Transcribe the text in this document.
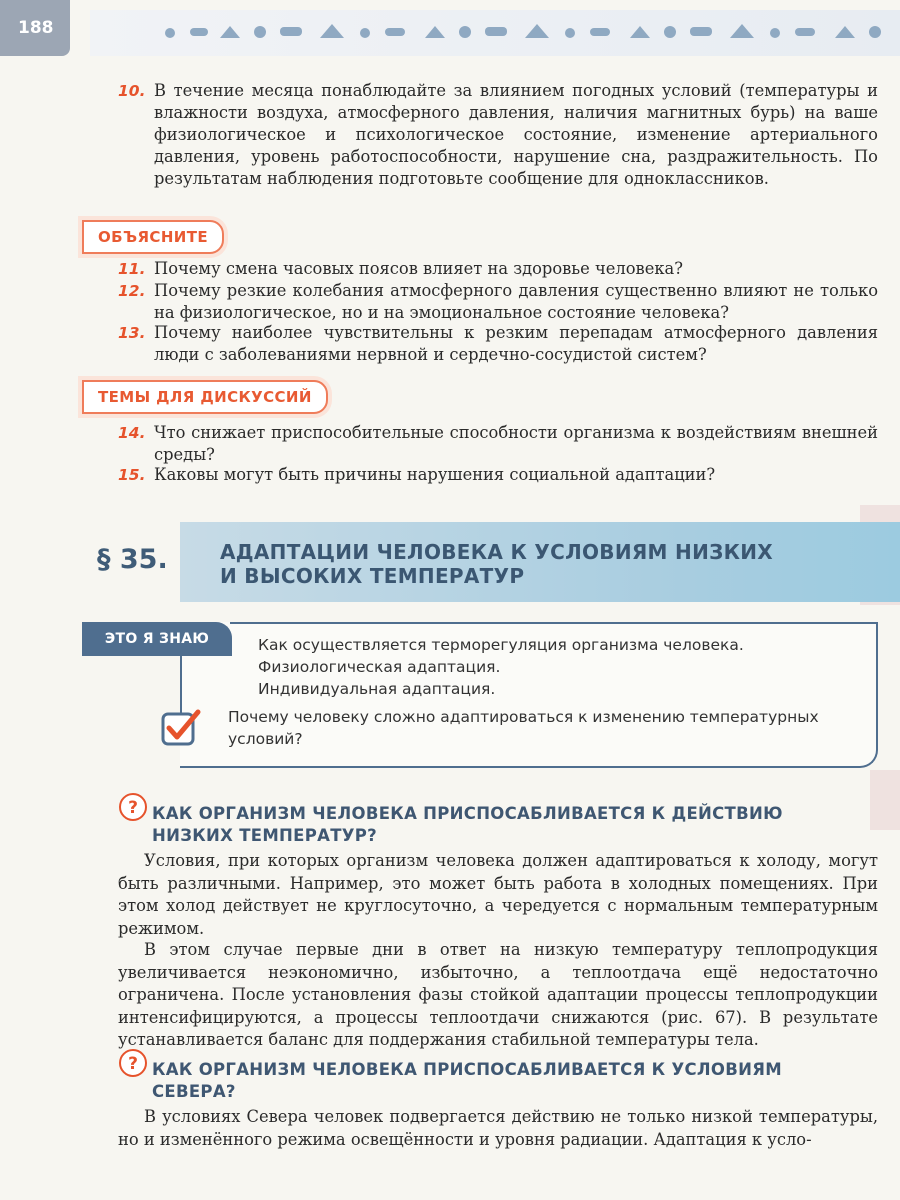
188
10. В течение месяца понаблюдайте за влиянием погодных условий (температуры и влажности воздуха, атмосферного давления, наличия магнитных бурь) на ваше физиологическое и психологическое состояние, изменение артериального давления, уровень работоспособности, нарушение сна, раздражительность. По результатам наблюдения подготовьте сообщение для одноклассников.
ОБЪЯСНИТЕ
11. Почему смена часовых поясов влияет на здоровье человека?
12. Почему резкие колебания атмосферного давления существенно влияют не только на физиологическое, но и на эмоциональное состояние человека?
13. Почему наиболее чувствительны к резким перепадам атмосферного давления люди с заболеваниями нервной и сердечно-сосудистой систем?
ТЕМЫ ДЛЯ ДИСКУССИЙ
14. Что снижает приспособительные способности организма к воздействиям внешней среды?
15. Каковы могут быть причины нарушения социальной адаптации?
§ 35.	АДАПТАЦИИ ЧЕЛОВЕКА К УСЛОВИЯМ НИЗКИХ
И ВЫСОКИХ ТЕМПЕРАТУР
ЭТО Я ЗНАЮ	Как осуществляется терморегуляция организма человека.
Физиологическая адаптация.
Индивидуальная адаптация.
Почему человеку сложно адаптироваться к изменению температурных условий?
? КАК ОРГАНИЗМ ЧЕЛОВЕКА ПРИСПОСАБЛИВАЕТСЯ К ДЕЙСТВИЮ
НИЗКИХ ТЕМПЕРАТУР?
Условия, при которых организм человека должен адаптироваться к холоду, могут быть различными. Например, это может быть работа в холодных помещениях. При этом холод действует не круглосуточно, а чередуется с нормальным температурным режимом.
В этом случае первые дни в ответ на низкую температуру теплопродукция увеличивается неэкономично, избыточно, а теплоотдача ещё недостаточно ограничена. После установления фазы стойкой адаптации процессы теплопродукции интенсифицируются, а процессы теплоотдачи снижаются (рис. 67). В результате устанавливается баланс для поддержания стабильной температуры тела.
? КАК ОРГАНИЗМ ЧЕЛОВЕКА ПРИСПОСАБЛИВАЕТСЯ К УСЛОВИЯМ
СЕВЕРА?
В условиях Севера человек подвергается действию не только низкой температуры, но и изменённого режима освещённости и уровня радиации. Адаптация к усло-
